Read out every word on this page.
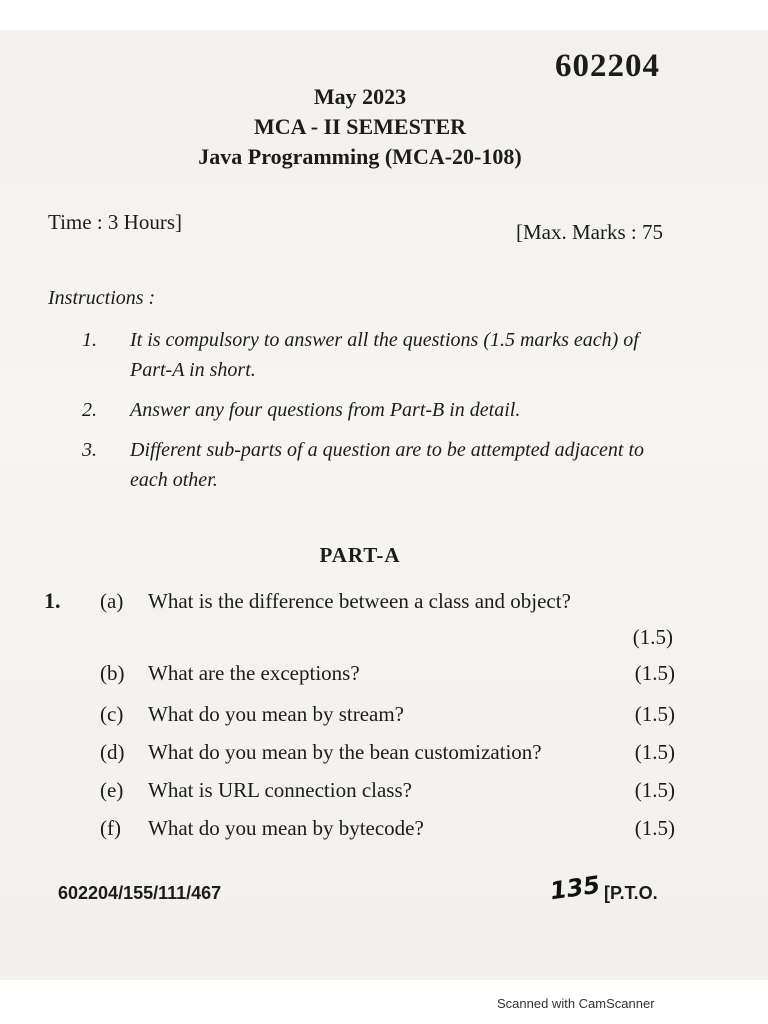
602204
May 2023
MCA - II SEMESTER
Java Programming (MCA-20-108)
Time : 3 Hours]	[Max. Marks : 75
Instructions :
1.	It is compulsory to answer all the questions (1.5 marks each) of Part-A in short.
2.	Answer any four questions from Part-B in detail.
3.	Different sub-parts of a question are to be attempted adjacent to each other.
PART-A
1. (a)	What is the difference between a class and object?
(1.5)
(b)	What are the exceptions?	(1.5)
(c)	What do you mean by stream?	(1.5)
(d)	What do you mean by the bean customization?	(1.5)
(e)	What is URL connection class?	(1.5)
(f)	What do you mean by bytecode?	(1.5)
602204/155/111/467	135 [P.T.O.
Scanned with CamScanner
